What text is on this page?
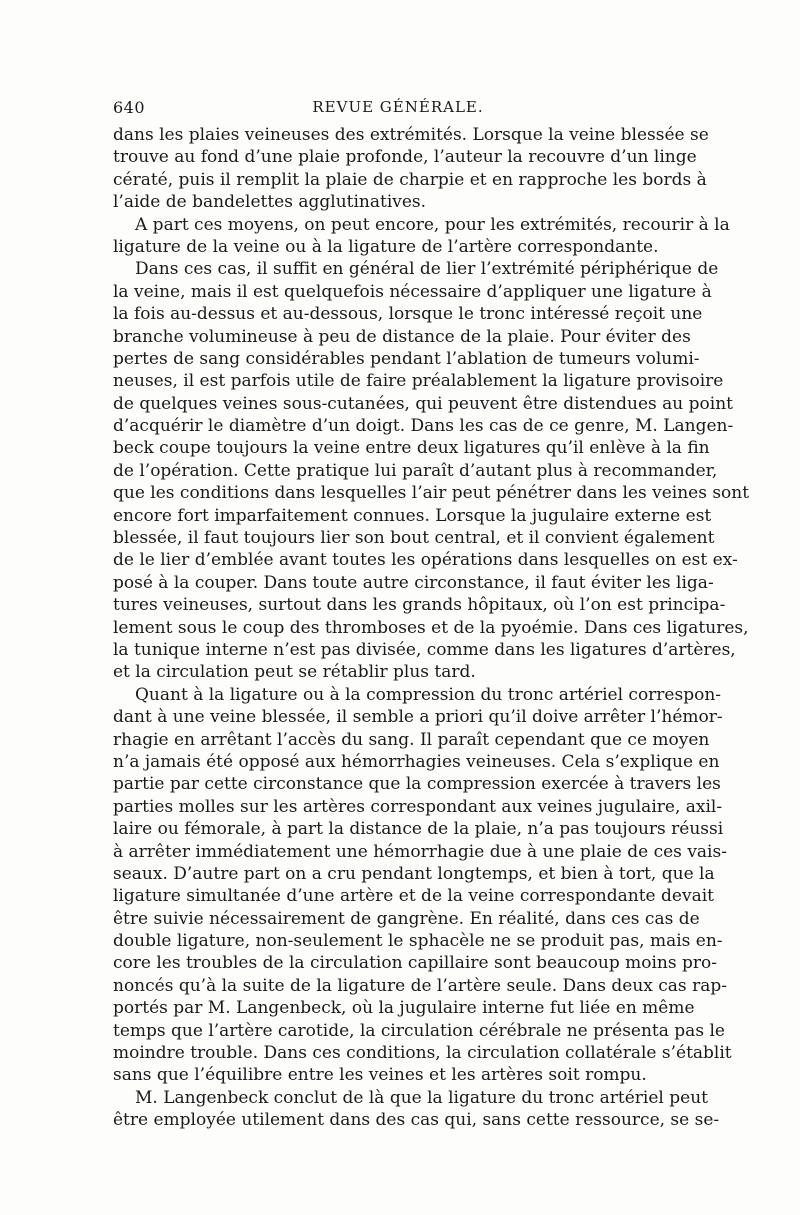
640	REVUE GÉNÉRALE.
dans les plaies veineuses des extrémités. Lorsque la veine blessée se
trouve au fond d’une plaie profonde, l’auteur la recouvre d’un linge
cératé, puis il remplit la plaie de charpie et en rapproche les bords à
l’aide de bandelettes agglutinatives.
A part ces moyens, on peut encore, pour les extrémités, recourir à la
ligature de la veine ou à la ligature de l’artère correspondante.
Dans ces cas, il suffit en général de lier l’extrémité périphérique de
la veine, mais il est quelquefois nécessaire d’appliquer une ligature à
la fois au-dessus et au-dessous, lorsque le tronc intéressé reçoit une
branche volumineuse à peu de distance de la plaie. Pour éviter des
pertes de sang considérables pendant l’ablation de tumeurs volumi-
neuses, il est parfois utile de faire préalablement la ligature provisoire
de quelques veines sous-cutanées, qui peuvent être distendues au point
d’acquérir le diamètre d’un doigt. Dans les cas de ce genre, M. Langen-
beck coupe toujours la veine entre deux ligatures qu’il enlève à la fin
de l’opération. Cette pratique lui paraît d’autant plus à recommander,
que les conditions dans lesquelles l’air peut pénétrer dans les veines sont
encore fort imparfaitement connues. Lorsque la jugulaire externe est
blessée, il faut toujours lier son bout central, et il convient également
de le lier d’emblée avant toutes les opérations dans lesquelles on est ex-
posé à la couper. Dans toute autre circonstance, il faut éviter les liga-
tures veineuses, surtout dans les grands hôpitaux, où l’on est principa-
lement sous le coup des thromboses et de la pyoémie. Dans ces ligatures,
la tunique interne n’est pas divisée, comme dans les ligatures d’artères,
et la circulation peut se rétablir plus tard.
Quant à la ligature ou à la compression du tronc artériel correspon-
dant à une veine blessée, il semble a priori qu’il doive arrêter l’hémor-
rhagie en arrêtant l’accès du sang. Il paraît cependant que ce moyen
n’a jamais été opposé aux hémorrhagies veineuses. Cela s’explique en
partie par cette circonstance que la compression exercée à travers les
parties molles sur les artères correspondant aux veines jugulaire, axil-
laire ou fémorale, à part la distance de la plaie, n’a pas toujours réussi
à arrêter immédiatement une hémorrhagie due à une plaie de ces vais-
seaux. D’autre part on a cru pendant longtemps, et bien à tort, que la
ligature simultanée d’une artère et de la veine correspondante devait
être suivie nécessairement de gangrène. En réalité, dans ces cas de
double ligature, non-seulement le sphacèle ne se produit pas, mais en-
core les troubles de la circulation capillaire sont beaucoup moins pro-
noncés qu’à la suite de la ligature de l’artère seule. Dans deux cas rap-
portés par M. Langenbeck, où la jugulaire interne fut liée en même
temps que l’artère carotide, la circulation cérébrale ne présenta pas le
moindre trouble. Dans ces conditions, la circulation collatérale s’établit
sans que l’équilibre entre les veines et les artères soit rompu.
M. Langenbeck conclut de là que la ligature du tronc artériel peut
être employée utilement dans des cas qui, sans cette ressource, se se-
